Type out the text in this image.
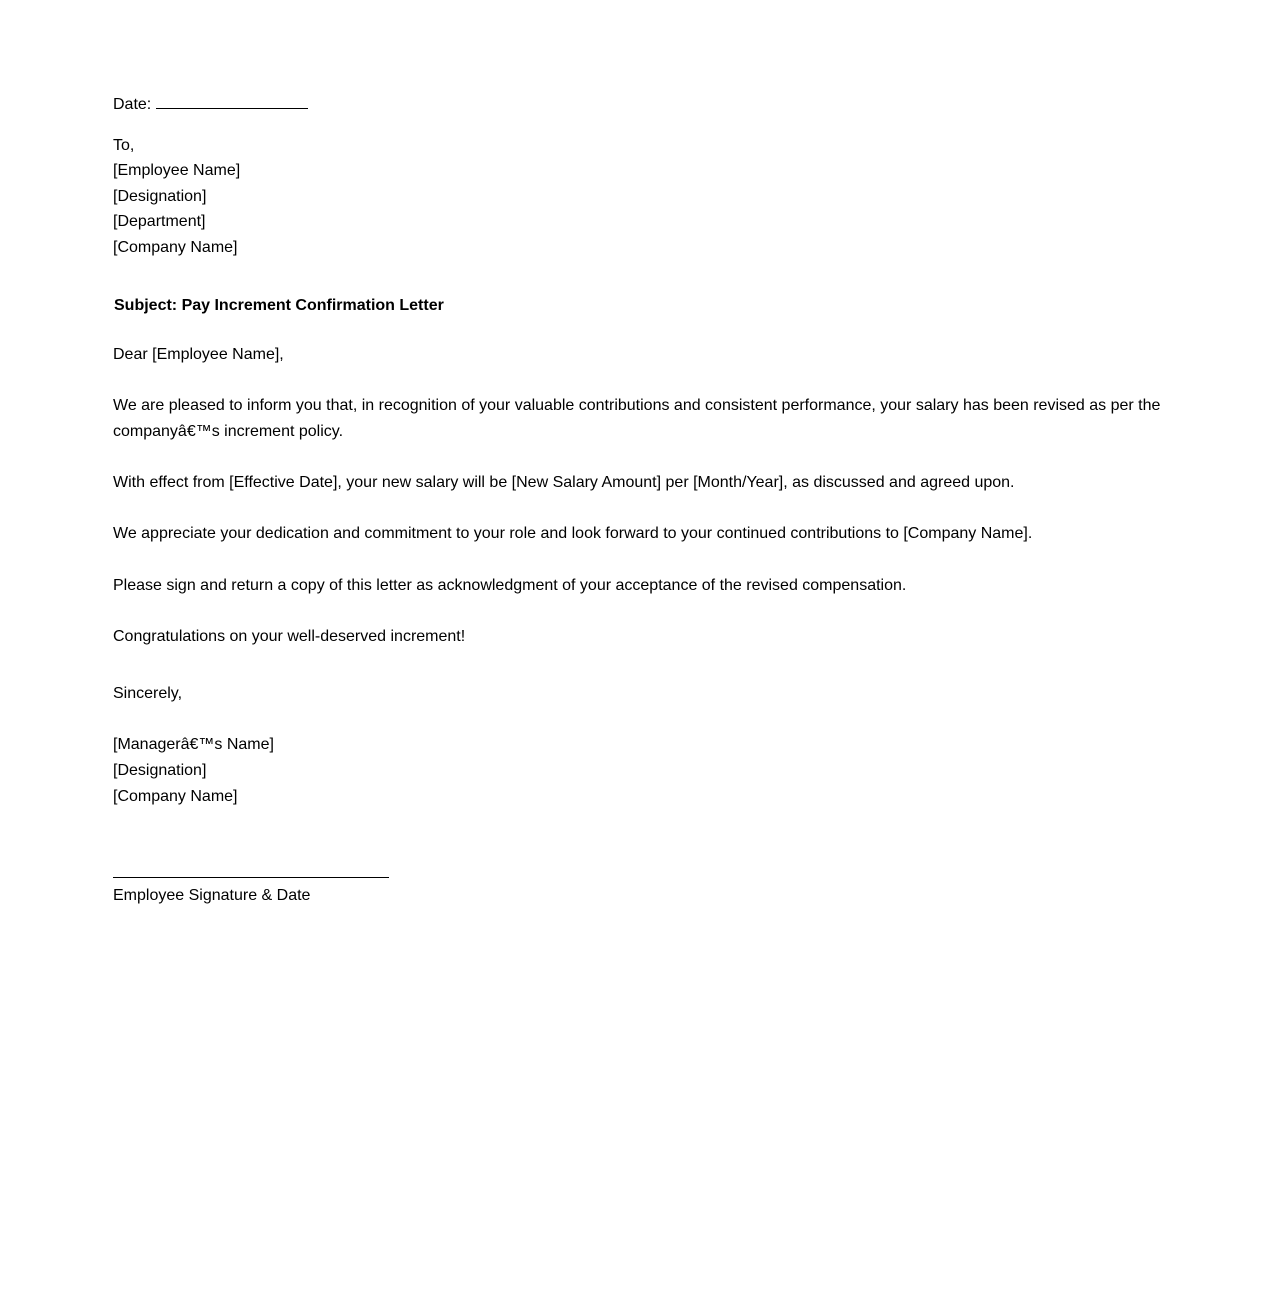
Date:
To,
[Employee Name]
[Designation]
[Department]
[Company Name]
Subject: Pay Increment Confirmation Letter
Dear [Employee Name],
We are pleased to inform you that, in recognition of your valuable contributions and consistent performance, your salary has been revised as per the companyâ€™s increment policy.
With effect from [Effective Date], your new salary will be [New Salary Amount] per [Month/Year], as discussed and agreed upon.
We appreciate your dedication and commitment to your role and look forward to your continued contributions to [Company Name].
Please sign and return a copy of this letter as acknowledgment of your acceptance of the revised compensation.
Congratulations on your well-deserved increment!
Sincerely,
[Managerâ€™s Name]
[Designation]
[Company Name]
Employee Signature & Date
